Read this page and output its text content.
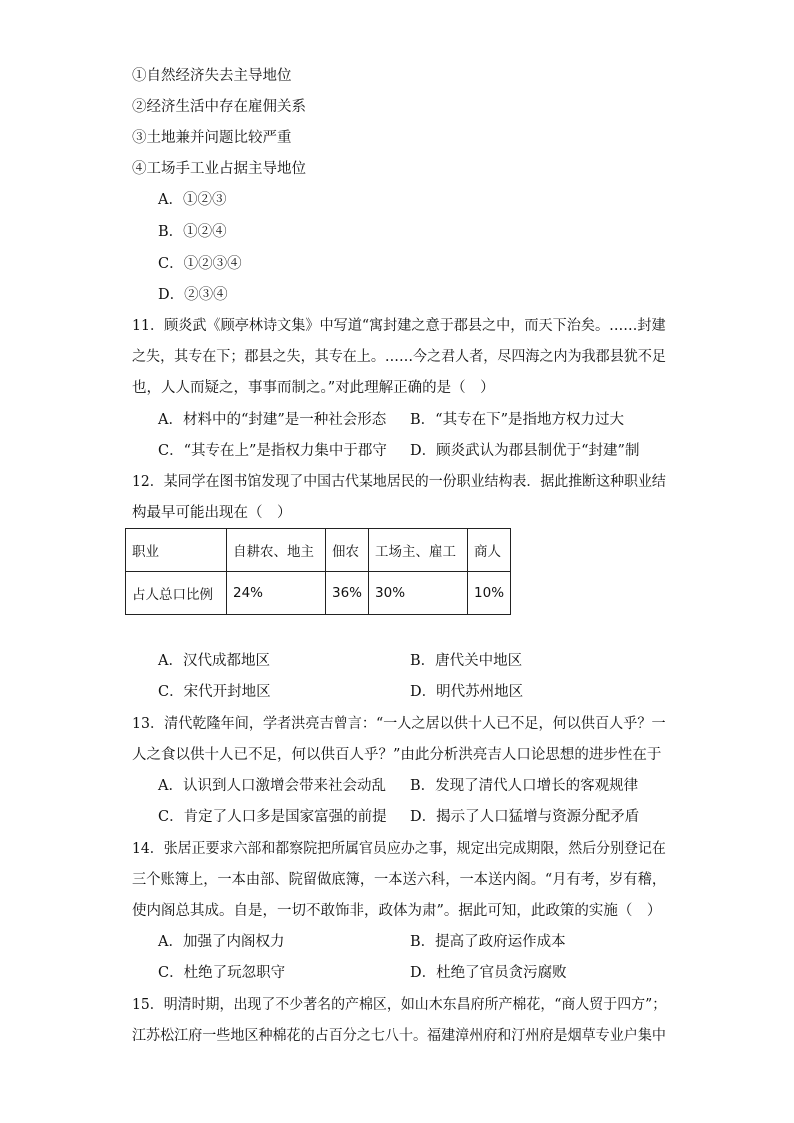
①自然经济失去主导地位
②经济生活中存在雇佣关系
③土地兼并问题比较严重
④工场手工业占据主导地位
A．①②③
B．①②④
C．①②③④
D．②③④
11．顾炎武《顾亭林诗文集》中写道“寓封建之意于郡县之中，而天下治矣。……封建
之失，其专在下；郡县之失，其专在上。……今之君人者，尽四海之内为我郡县犹不足
也，人人而疑之，事事而制之。”对此理解正确的是（　）
A．材料中的“封建”是一种社会形态 B．“其专在下”是指地方权力过大
C．“其专在上”是指权力集中于郡守 D．顾炎武认为郡县制优于“封建”制
12．某同学在图书馆发现了中国古代某地居民的一份职业结构表．据此推断这种职业结
构最早可能出现在（　）
职业	自耕农、地主	佃农	工场主、雇工	商人
占人总口比例	24%	36%	30%	10%
A．汉代成都地区	B．唐代关中地区
C．宋代开封地区	D．明代苏州地区
13．清代乾隆年间，学者洪亮吉曾言：“一人之居以供十人已不足，何以供百人乎？一
人之食以供十人已不足，何以供百人乎？”由此分析洪亮吉人口论思想的进步性在于
A．认识到人口激增会带来社会动乱 B．发现了清代人口增长的客观规律
C．肯定了人口多是国家富强的前提 D．揭示了人口猛增与资源分配矛盾
14．张居正要求六部和都察院把所属官员应办之事，规定出完成期限，然后分别登记在
三个账簿上，一本由部、院留做底簿，一本送六科，一本送内阁。“月有考，岁有稽，
使内阁总其成。自是，一切不敢饰非，政体为肃”。据此可知，此政策的实施（　）
A．加强了内阁权力	B．提高了政府运作成本
C．杜绝了玩忽职守	D．杜绝了官员贪污腐败
15．明清时期，出现了不少著名的产棉区，如山木东昌府所产棉花，“商人贸于四方”；
江苏松江府一些地区种棉花的占百分之七八十。福建漳州府和汀州府是烟草专业户集中
